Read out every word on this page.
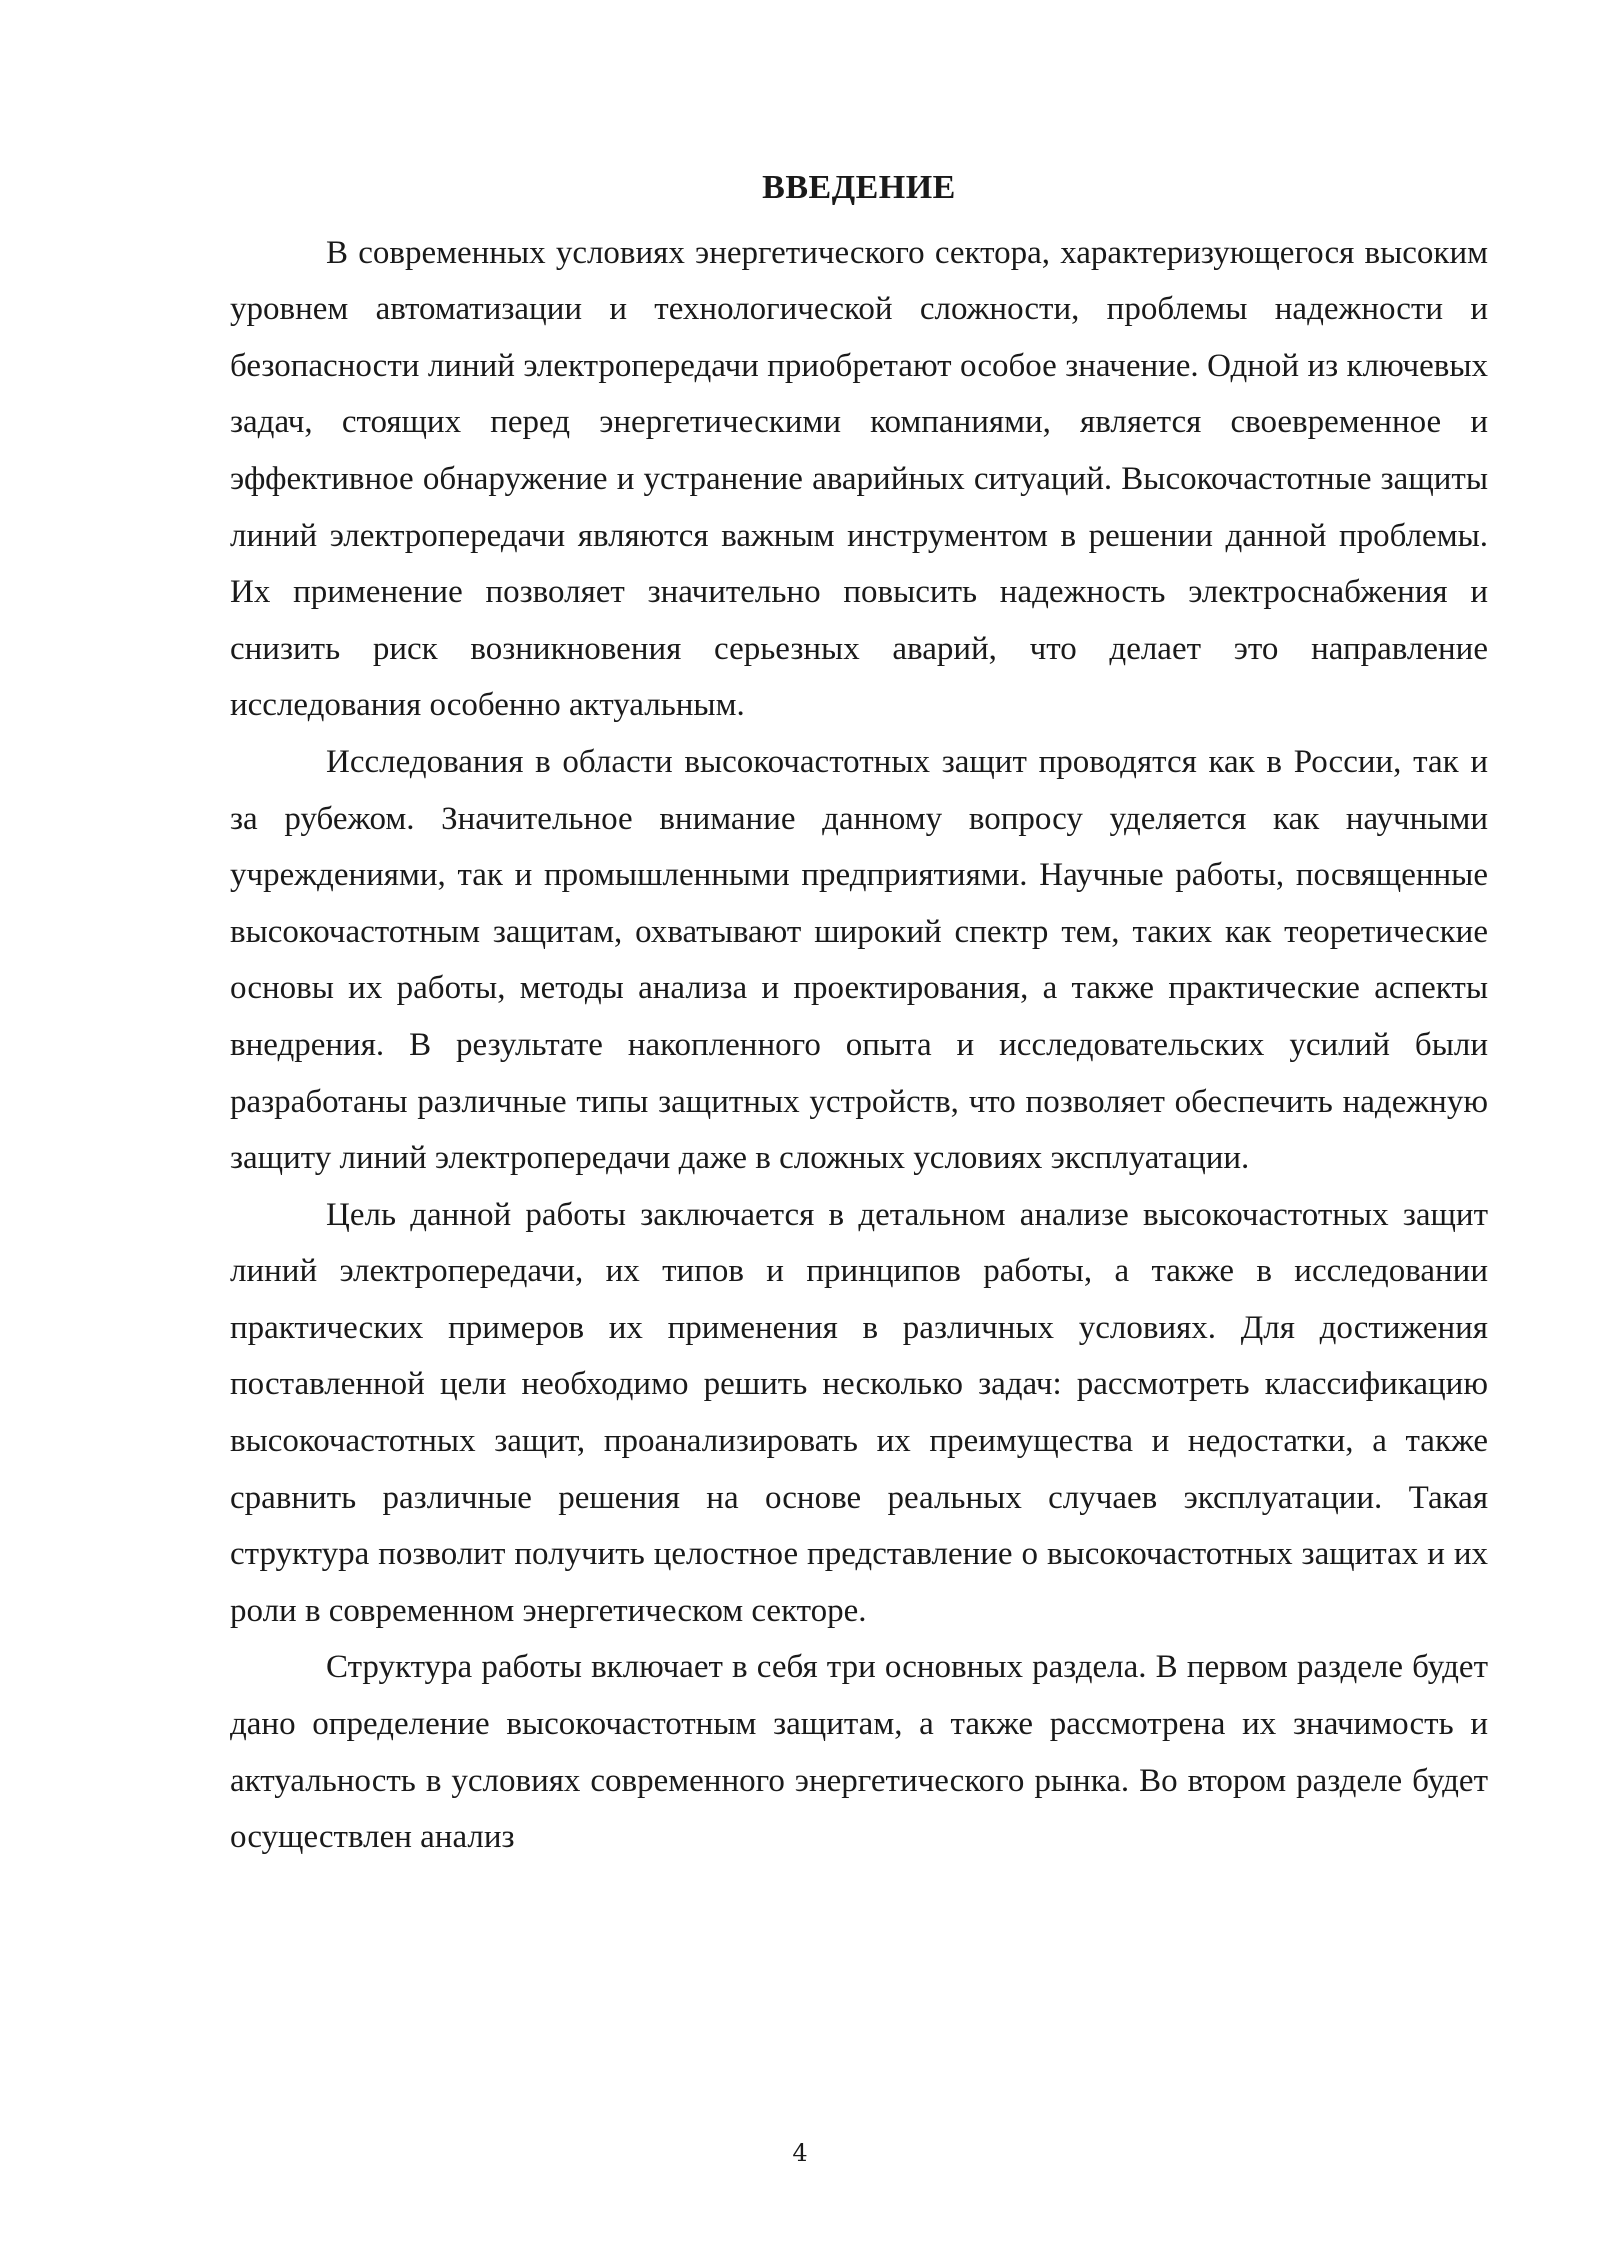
ВВЕДЕНИЕ

В современных условиях энергетического сектора, характеризующегося высоким уровнем автоматизации и технологической сложности, проблемы надежности и безопасности линий электропередачи приобретают особое значение. Одной из ключевых задач, стоящих перед энергетическими компаниями, является своевременное и эффективное обнаружение и устранение аварийных ситуаций. Высокочастотные защиты линий электропередачи являются важным инструментом в решении данной проблемы. Их применение позволяет значительно повысить надежность электроснабжения и снизить риск возникновения серьезных аварий, что делает это направление исследования особенно актуальным.

Исследования в области высокочастотных защит проводятся как в России, так и за рубежом. Значительное внимание данному вопросу уделяется как научными учреждениями, так и промышленными предприятиями. Научные работы, посвященные высокочастотным защитам, охватывают широкий спектр тем, таких как теоретические основы их работы, методы анализа и проектирования, а также практические аспекты внедрения. В результате накопленного опыта и исследовательских усилий были разработаны различные типы защитных устройств, что позволяет обеспечить надежную защиту линий электропередачи даже в сложных условиях эксплуатации.

Цель данной работы заключается в детальном анализе высокочастотных защит линий электропередачи, их типов и принципов работы, а также в исследовании практических примеров их применения в различных условиях. Для достижения поставленной цели необходимо решить несколько задач: рассмотреть классификацию высокочастотных защит, проанализировать их преимущества и недостатки, а также сравнить различные решения на основе реальных случаев эксплуатации. Такая структура позволит получить целостное представление о высокочастотных защитах и их роли в современном энергетическом секторе.

Структура работы включает в себя три основных раздела. В первом разделе будет дано определение высокочастотным защитам, а также рассмотрена их значимость и актуальность в условиях современного энергетического рынка. Во втором разделе будет осуществлен анализ

4
